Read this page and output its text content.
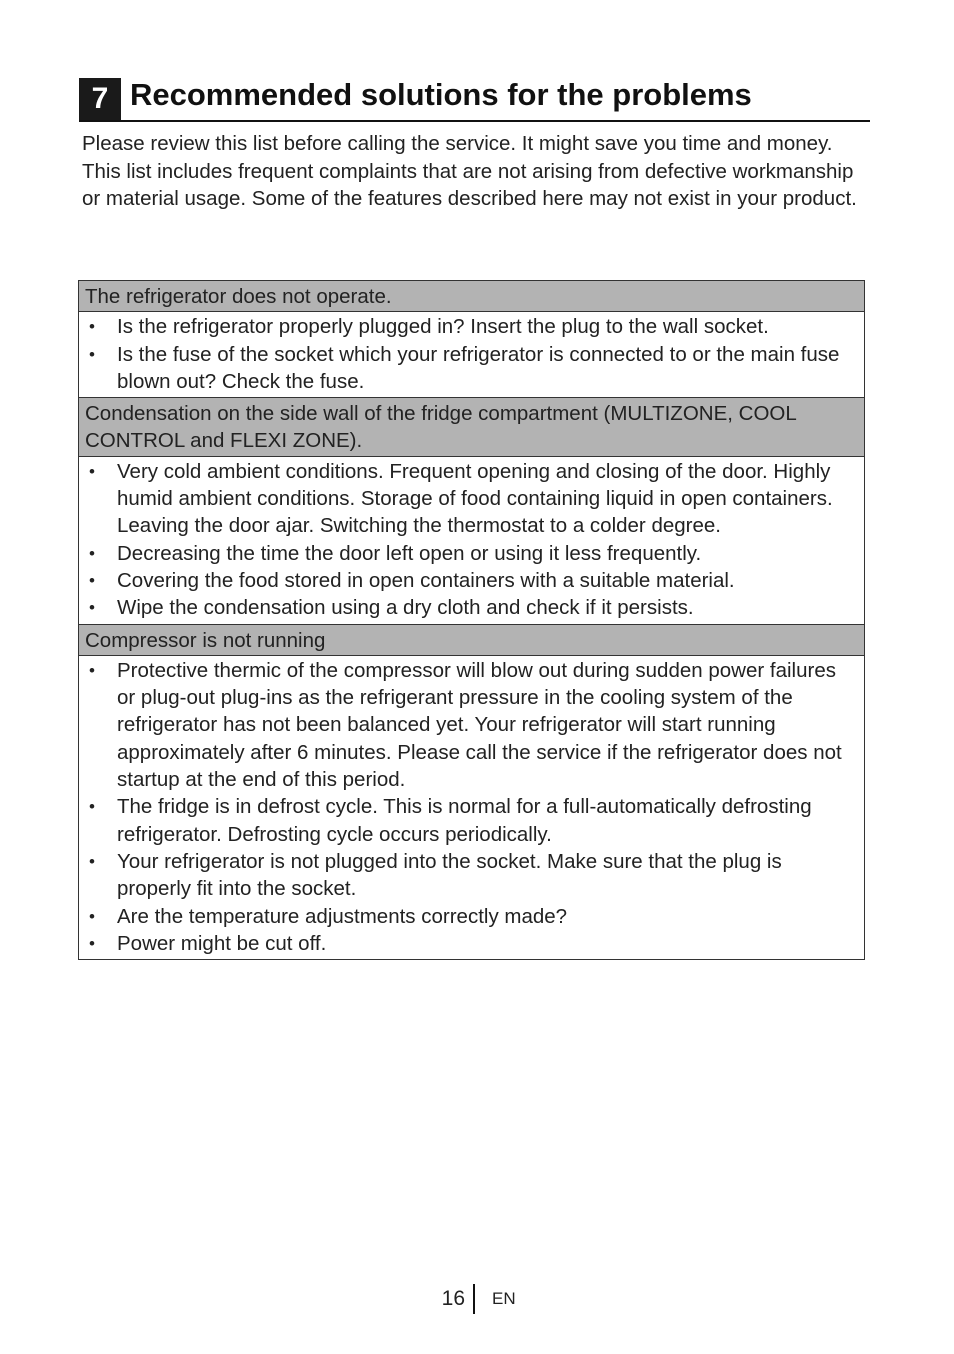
7 Recommended solutions for the problems
Please review this list before calling the service. It might save you time and money. This list includes frequent complaints that are not arising from defective workmanship or material usage. Some of the features described here may not exist in your product.
The refrigerator does not operate.
• Is the refrigerator properly plugged in? Insert the plug to the wall socket.
• Is the fuse of the socket which your refrigerator is connected to or the main fuse blown out? Check the fuse.
Condensation on the side wall of the fridge compartment (MULTIZONE, COOL CONTROL and FLEXI ZONE).
• Very cold ambient conditions. Frequent opening and closing of the door. Highly humid ambient conditions. Storage of food containing liquid in open containers. Leaving the door ajar. Switching the thermostat to a colder degree.
• Decreasing the time the door left open or using it less frequently.
• Covering the food stored in open containers with a suitable material.
• Wipe the condensation using a dry cloth and check if it persists.
Compressor is not running
• Protective thermic of the compressor will blow out during sudden power failures or plug-out plug-ins as the refrigerant pressure in the cooling system of the refrigerator has not been balanced yet. Your refrigerator will start running approximately after 6 minutes. Please call the service if the refrigerator does not startup at the end of this period.
• The fridge is in defrost cycle. This is normal for a full-automatically defrosting refrigerator. Defrosting cycle occurs periodically.
• Your refrigerator is not plugged into the socket. Make sure that the plug is properly fit into the socket.
• Are the temperature adjustments correctly made?
• Power might be cut off.
16 EN
